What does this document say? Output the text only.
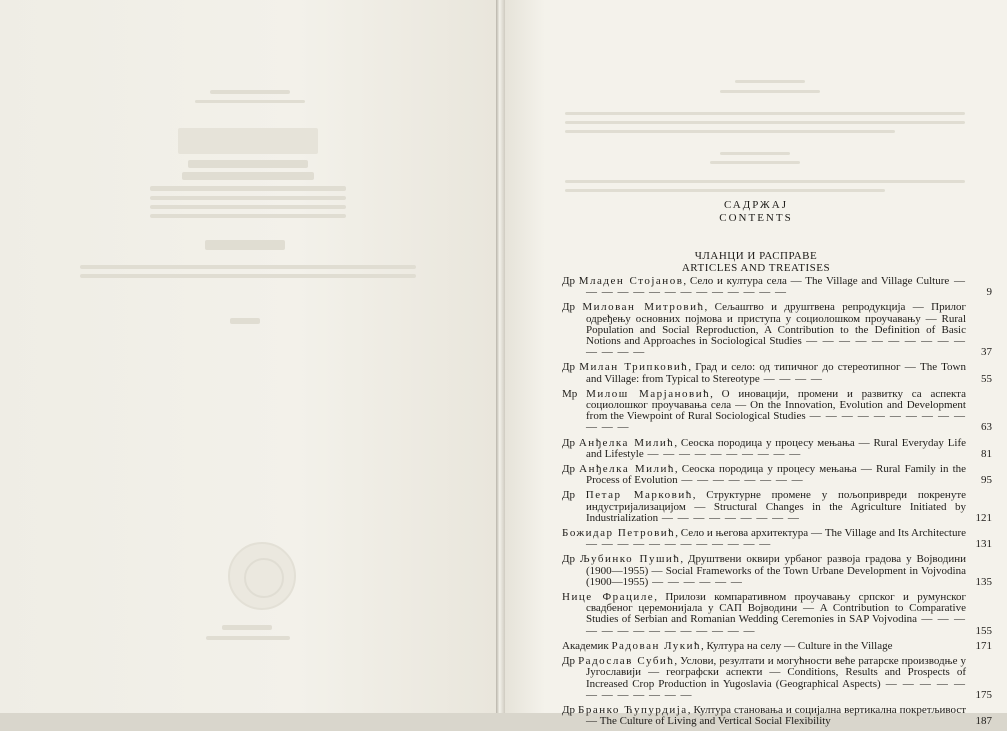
САДРЖАЈ
CONTENTS
ЧЛАНЦИ И РАСПРАВЕ
ARTICLES AND TREATISES
Др Младен Стојанов, Село и култура села — The Village and Village Culture — — — — — — — — — — — — — —	9
Др Милован Митровић, Сељаштво и друштвена репродукција — Прилог одређењу основних појмова и приступа у социолошком проучавању — Rural Population and Social Reproduction, A Contribution to the Definition of Basic Notions and Approaches in Sociological Studies — — — — — — — — — — — — — —	37
Др Милан Трипковић, Град и село: од типичног до стереотипног — The Town and Village: from Typical to Stereotype — — — —	55
Мр Милош Марјановић, О иновацији, промени и развитку са аспекта социолошког проучавања села — On the Innovation, Evolution and Development from the Viewpoint of Rural Sociological Studies — — — — — — — — — — — — —	63
Др Анђелка Милић, Сеоска породица у процесу мењања — Rural Everyday Life and Lifestyle — — — — — — — — — —	81
Др Анђелка Милић, Сеоска породица у процесу мењања — Rural Family in the Process of Evolution — — — — — — — —	95
Др Петар Марковић, Структурне промене у пољопривреди покренуте индустријализацијом — Structural Changes in the Agriculture Initiated by Industrialization — — — — — — — — —	121
Божидар Петровић, Село и његова архитектура — The Village and Its Architecture — — — — — — — — — — — —	131
Др Љубинко Пушић, Друштвени оквири урбаног развоја градова у Војводини (1900—1955) — Social Frameworks of the Town Urbane Development in Vojvodina (1900—1955) — — — — — —	135
Нице Фрациле, Прилози компаративном проучавању српског и румунског свадбеног церемонијала у САП Војводини — A Contribution to Comparative Studies of Serbian and Romanian Wedding Ceremonies in SAP Vojvodina — — — — — — — — — — — — — —	155
Академик Радован Лукић, Култура на селу — Culture in the Village	171
Др Радослав Субић, Услови, резултати и могућности веће ратарске производње у Југославији — географски аспекти — Conditions, Results and Prospects of Increased Crop Production in Yugoslavia (Geographical Aspects) — — — — — — — — — — — —	175
Др Бранко Ћупурдија, Култура становања и социјална вертикална покретљивост — The Culture of Living and Vertical Social Flexibility	187
